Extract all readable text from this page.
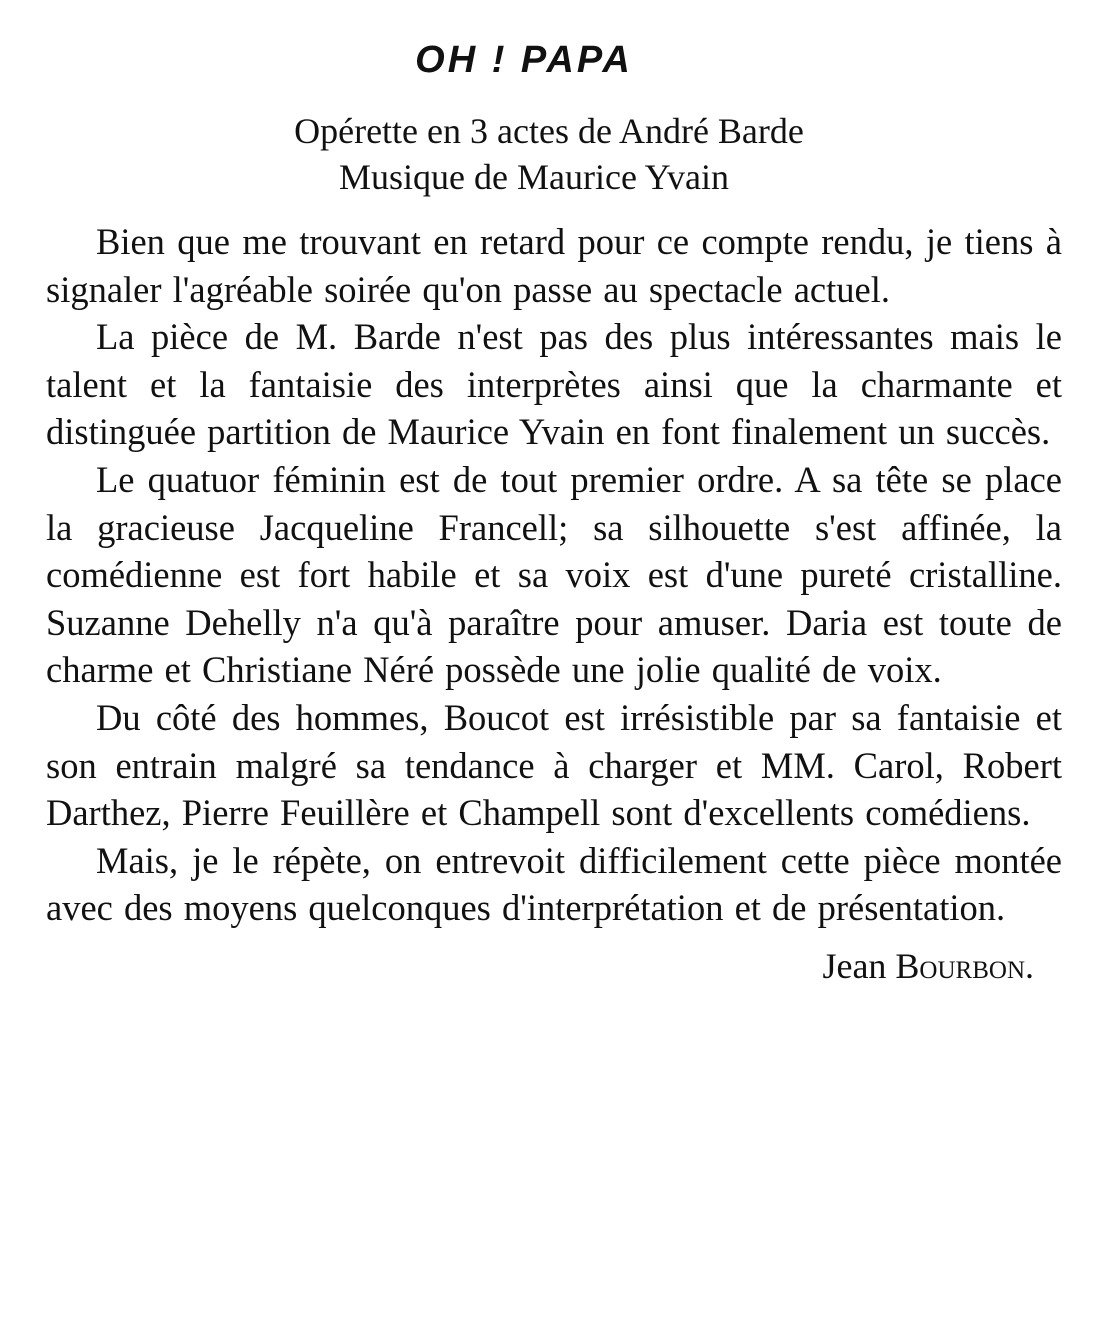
OH ! PAPA

Opérette en 3 actes de André Barde

Musique de Maurice Yvain

Bien que me trouvant en retard pour ce compte rendu, je tiens à signaler l'agréable soirée qu'on passe au spectacle actuel.

La pièce de M. Barde n'est pas des plus intéressantes mais le talent et la fantaisie des interprètes ainsi que la charmante et distinguée partition de Maurice Yvain en font finalement un succès.

Le quatuor féminin est de tout premier ordre. A sa tête se place la gracieuse Jacqueline Francell; sa silhouette s'est affinée, la comédienne est fort habile et sa voix est d'une pureté cristalline. Suzanne Dehelly n'a qu'à paraître pour amuser. Daria est toute de charme et Christiane Néré possède une jolie qualité de voix.

Du côté des hommes, Boucot est irrésistible par sa fantaisie et son entrain malgré sa tendance à charger et MM. Carol, Robert Darthez, Pierre Feuillère et Champell sont d'excellents comédiens.

Mais, je le répète, on entrevoit difficilement cette pièce montée avec des moyens quelconques d'interprétation et de présentation.

Jean Bourbon.
